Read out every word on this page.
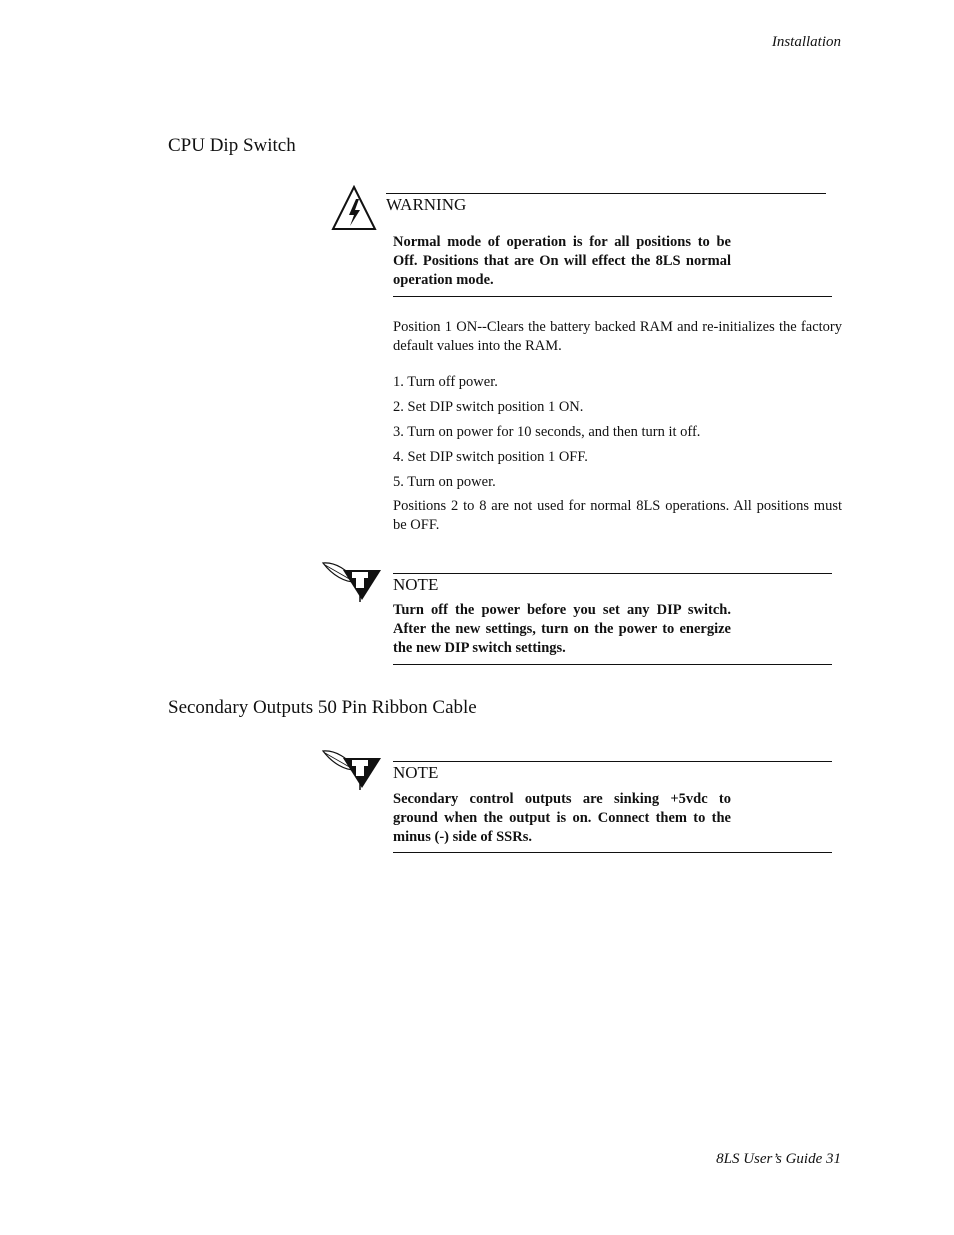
Installation
CPU Dip Switch
WARNING
Normal mode of operation is for all positions to be Off. Positions that are On will effect the 8LS normal operation mode.

Position 1 ON--Clears the battery backed RAM and re-initializes the factory default values into the RAM.

1. Turn off power.
2. Set DIP switch position 1 ON.
3. Turn on power for 10 seconds, and then turn it off.
4. Set DIP switch position 1 OFF.
5. Turn on power.

Positions 2 to 8 are not used for normal 8LS operations. All positions must be OFF.

NOTE
Turn off the power before you set any DIP switch. After the new settings, turn on the power to energize the new DIP switch settings.
Secondary Outputs 50 Pin Ribbon Cable
NOTE
Secondary control outputs are sinking +5vdc to ground when the output is on. Connect them to the minus (-) side of SSRs.
8LS User’s Guide 31
